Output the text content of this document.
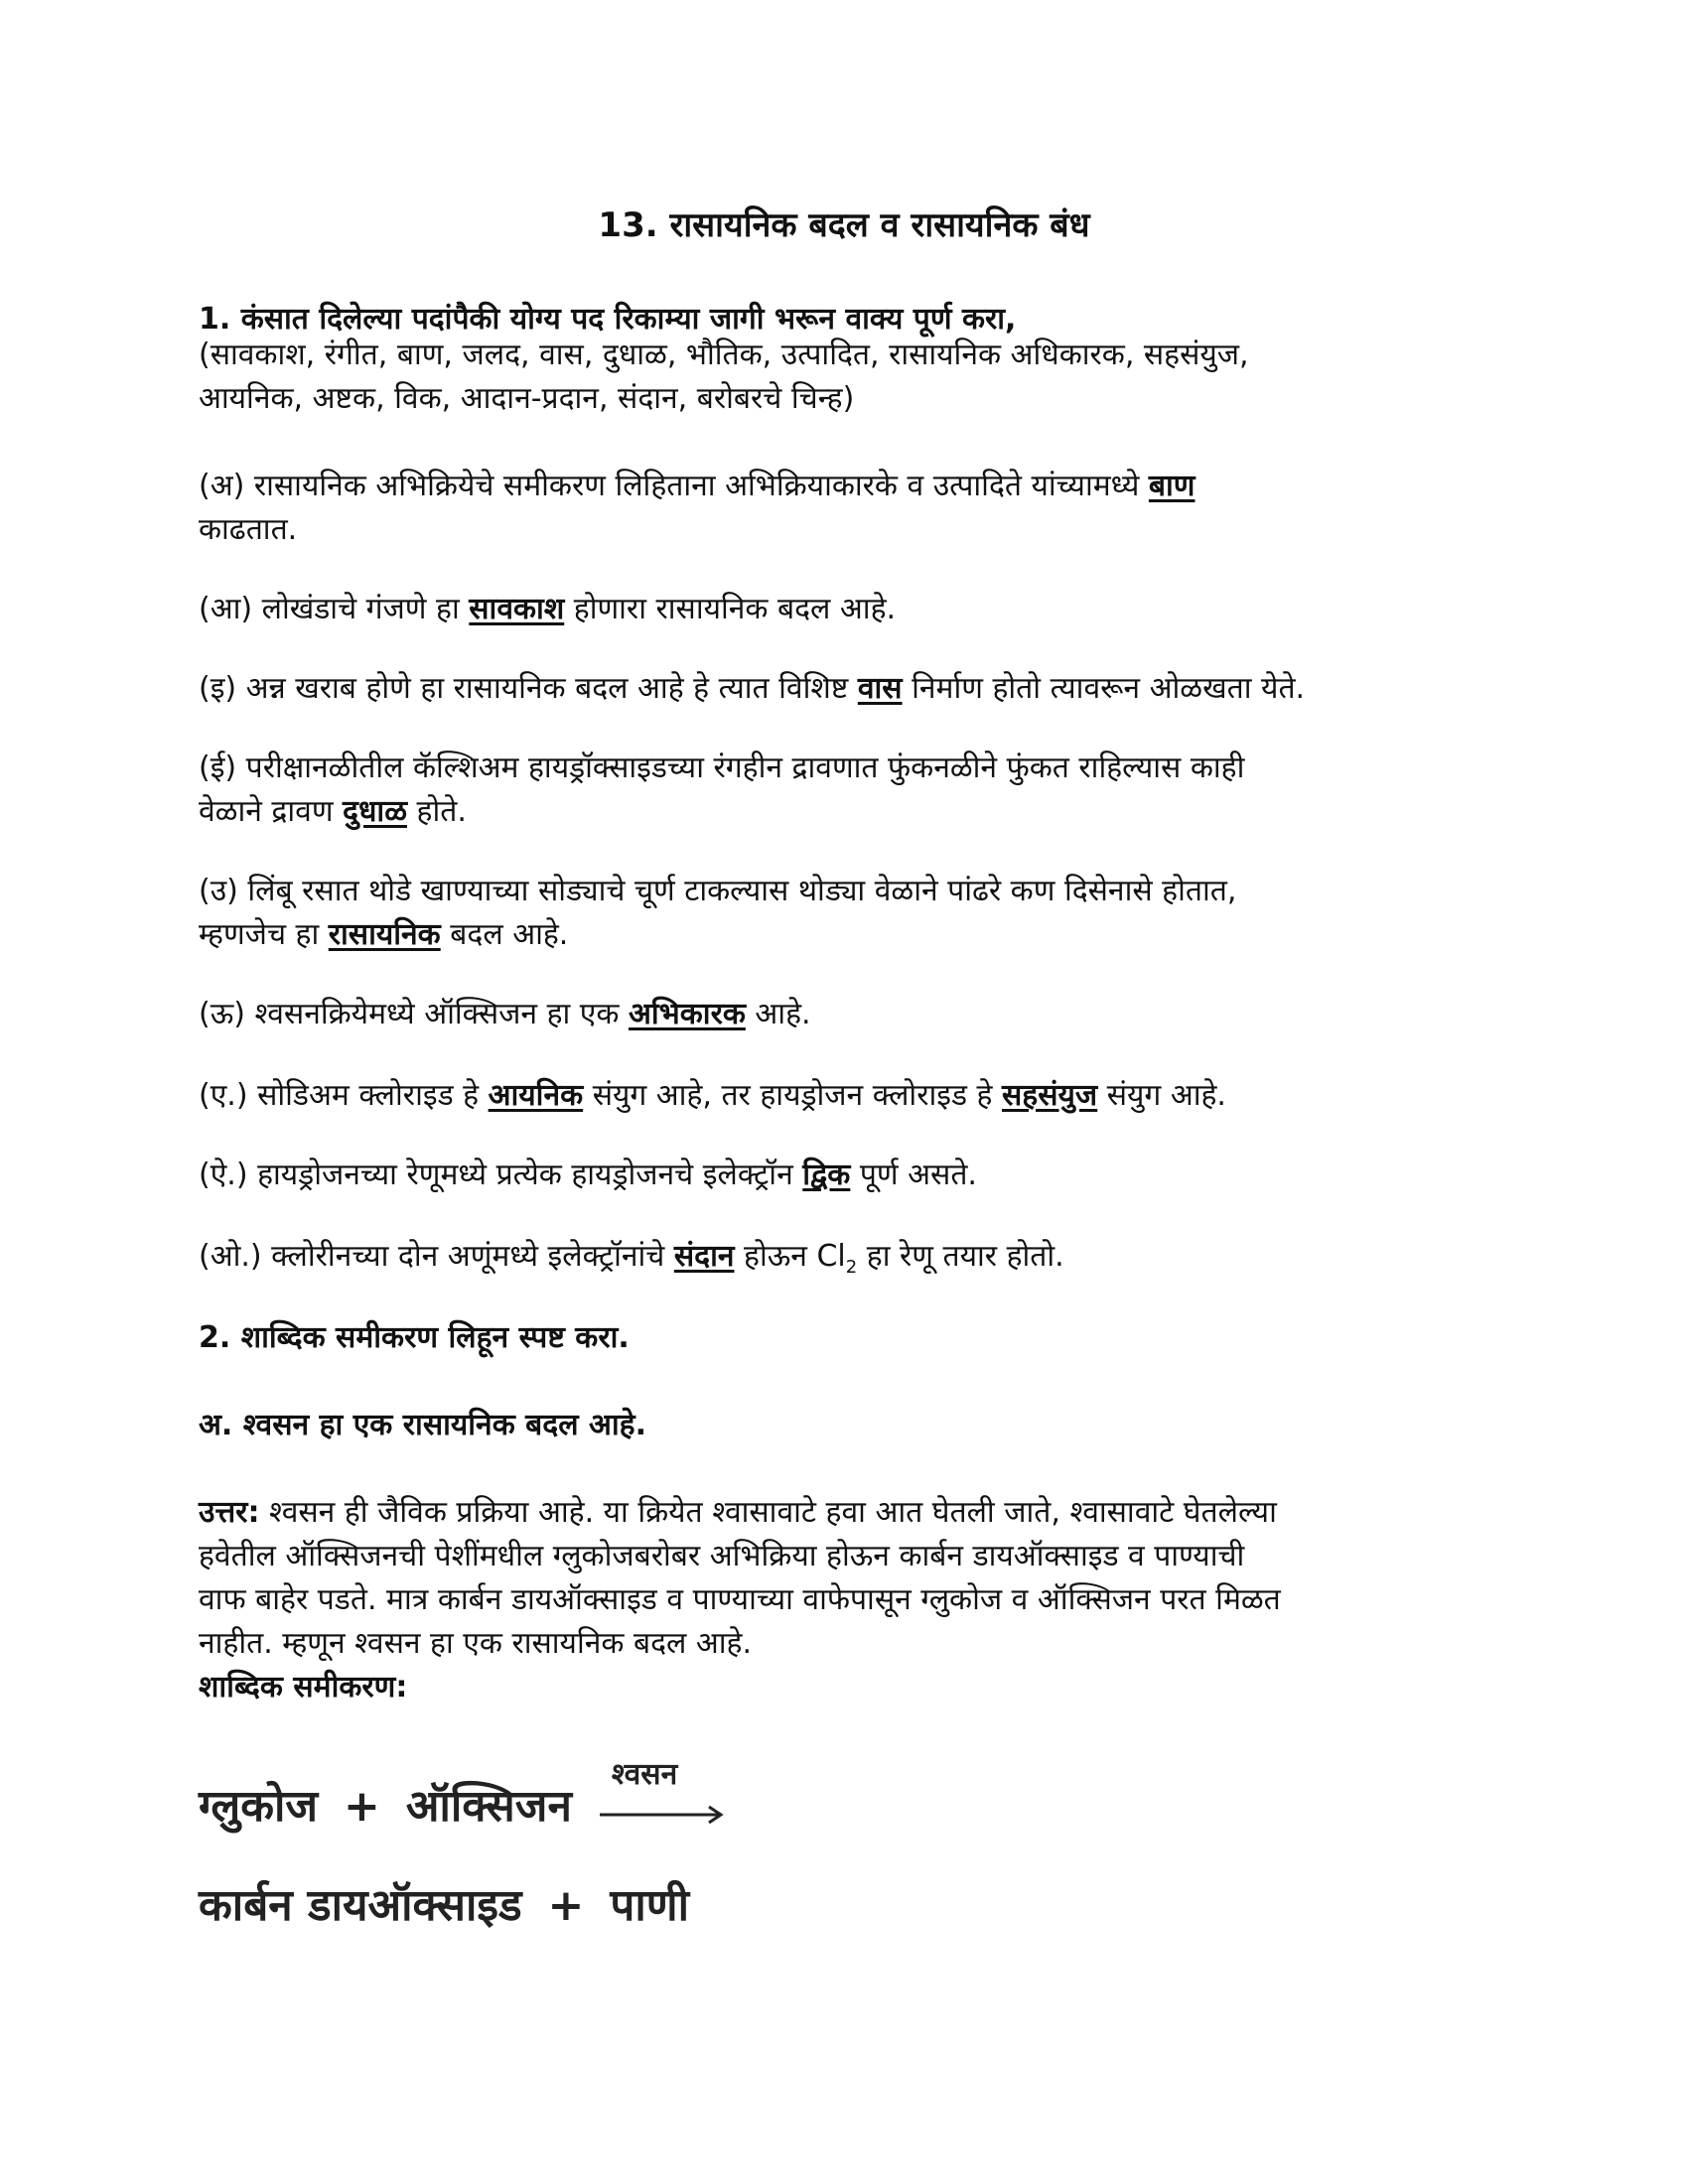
13. रासायनिक बदल व रासायनिक बंध
1. कंसात दिलेल्या पदांपैकी योग्य पद रिकाम्या जागी भरून वाक्य पूर्ण करा,
(सावकाश, रंगीत, बाण, जलद, वास, दुधाळ, भौतिक, उत्पादित, रासायनिक अधिकारक, सहसंयुज,
आयनिक, अष्टक, विक, आदान-प्रदान, संदान, बरोबरचे चिन्ह)
(अ) रासायनिक अभिक्रियेचे समीकरण लिहिताना अभिक्रियाकारके व उत्पादिते यांच्यामध्ये बाण
काढतात.
(आ) लोखंडाचे गंजणे हा सावकाश होणारा रासायनिक बदल आहे.
(इ) अन्न खराब होणे हा रासायनिक बदल आहे हे त्यात विशिष्ट वास निर्माण होतो त्यावरून ओळखता येते.
(ई) परीक्षानळीतील कॅल्शिअम हायड्रॉक्साइडच्या रंगहीन द्रावणात फुंकनळीने फुंकत राहिल्यास काही
वेळाने द्रावण दुधाळ होते.
(उ) लिंबू रसात थोडे खाण्याच्या सोड्याचे चूर्ण टाकल्यास थोड्या वेळाने पांढरे कण दिसेनासे होतात,
म्हणजेच हा रासायनिक बदल आहे.
(ऊ) श्वसनक्रियेमध्ये ऑक्सिजन हा एक अभिकारक आहे.
(ए.) सोडिअम क्लोराइड हे आयनिक संयुग आहे, तर हायड्रोजन क्लोराइड हे सहसंयुज संयुग आहे.
(ऐ.) हायड्रोजनच्या रेणूमध्ये प्रत्येक हायड्रोजनचे इलेक्ट्रॉन द्विक पूर्ण असते.
(ओ.) क्लोरीनच्या दोन अणूंमध्ये इलेक्ट्रॉनांचे संदान होऊन $Cl_2$ हा रेणू तयार होतो.
2. शाब्दिक समीकरण लिहून स्पष्ट करा.
अ. श्वसन हा एक रासायनिक बदल आहे.
उत्तर: श्वसन ही जैविक प्रक्रिया आहे. या क्रियेत श्वासावाटे हवा आत घेतली जाते, श्वासावाटे घेतलेल्या
हवेतील ऑक्सिजनची पेशींमधील ग्लुकोजबरोबर अभिक्रिया होऊन कार्बन डायऑक्साइड व पाण्याची
वाफ बाहेर पडते. मात्र कार्बन डायऑक्साइड व पाण्याच्या वाफेपासून ग्लुकोज व ऑक्सिजन परत मिळत
नाहीत. म्हणून श्वसन हा एक रासायनिक बदल आहे.
शाब्दिक समीकरण:
ग्लुकोज + ऑक्सिजन
श्वसन
कार्बन डायऑक्साइड + पाणी
